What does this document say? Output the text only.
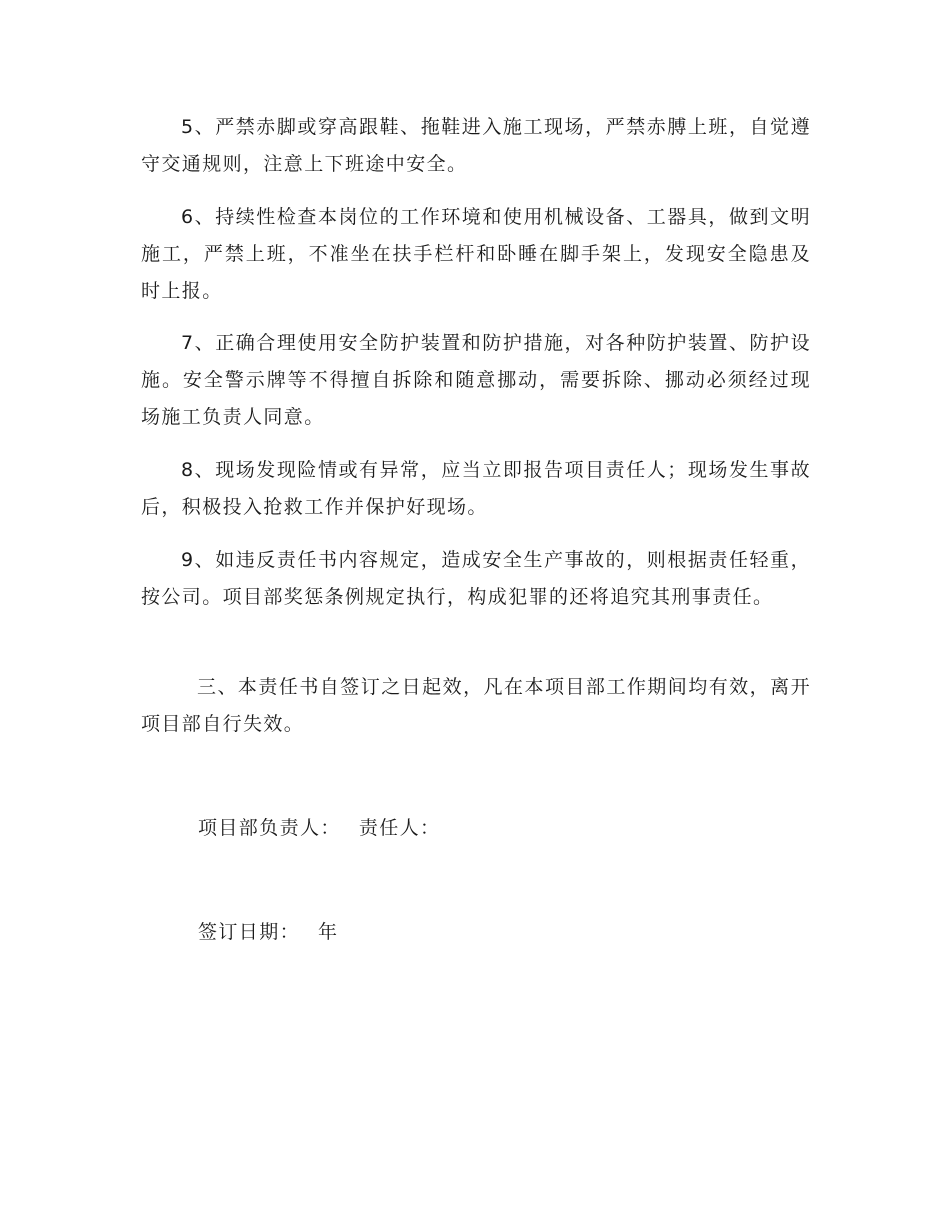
5、严禁赤脚或穿高跟鞋、拖鞋进入施工现场，严禁赤膊上班，自觉遵守交通规则，注意上下班途中安全。

6、持续性检查本岗位的工作环境和使用机械设备、工器具，做到文明施工，严禁上班，不准坐在扶手栏杆和卧睡在脚手架上，发现安全隐患及时上报。

7、正确合理使用安全防护装置和防护措施，对各种防护装置、防护设施。安全警示牌等不得擅自拆除和随意挪动，需要拆除、挪动必须经过现场施工负责人同意。

8、现场发现险情或有异常，应当立即报告项目责任人；现场发生事故后，积极投入抢救工作并保护好现场。

9、如违反责任书内容规定，造成安全生产事故的，则根据责任轻重，按公司。项目部奖惩条例规定执行，构成犯罪的还将追究其刑事责任。

三、本责任书自签订之日起效，凡在本项目部工作期间均有效，离开项目部自行失效。

项目部负责人： 责任人：
签订日期： 年
